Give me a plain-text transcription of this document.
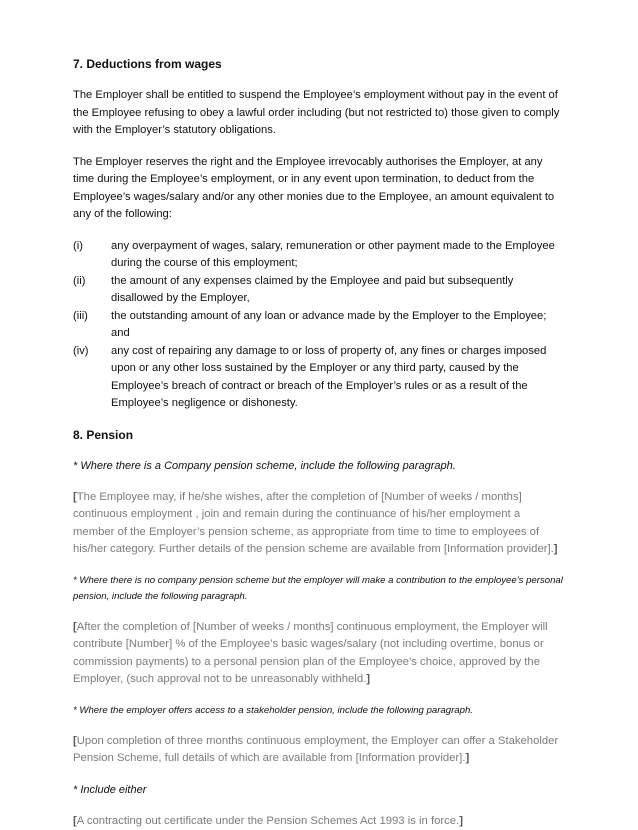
7. Deductions from wages

The Employer shall be entitled to suspend the Employee’s employment without pay in the event of the Employee refusing to obey a lawful order including (but not restricted to) those given to comply with the Employer’s statutory obligations.

The Employer reserves the right and the Employee irrevocably authorises the Employer, at any time during the Employee’s employment, or in any event upon termination, to deduct from the Employee’s wages/salary and/or any other monies due to the Employee, an amount equivalent to any of the following:

(i)	any overpayment of wages, salary, remuneration or other payment made to the Employee during the course of this employment;
(ii)	the amount of any expenses claimed by the Employee and paid but subsequently disallowed by the Employer,
(iii)	the outstanding amount of any loan or advance made by the Employer to the Employee; and
(iv)	any cost of repairing any damage to or loss of property of, any fines or charges imposed upon or any other loss sustained by the Employer or any third party, caused by the Employee’s breach of contract or breach of the Employer’s rules or as a result of the Employee’s negligence or dishonesty.
8. Pension

* Where there is a Company pension scheme, include the following paragraph.

[The Employee may, if he/she wishes, after the completion of [Number of weeks / months] continuous employment , join and remain during the continuance of his/her employment a member of the Employer’s pension scheme, as appropriate from time to time to employees of his/her category. Further details of the pension scheme are available from [Information provider].]

* Where there is no company pension scheme but the employer will make a contribution to the employee’s personal pension, include the following paragraph.

[After the completion of [Number of weeks / months] continuous employment, the Employer will contribute [Number] % of the Employee’s basic wages/salary (not including overtime, bonus or commission payments) to a personal pension plan of the Employee’s choice, approved by the Employer, (such approval not to be unreasonably withheld.]

* Where the employer offers access to a stakeholder pension, include the following paragraph.

[Upon completion of three months continuous employment, the Employer can offer a Stakeholder Pension Scheme, full details of which are available from [Information provider].]

* Include either

[A contracting out certificate under the Pension Schemes Act 1993 is in force.]
